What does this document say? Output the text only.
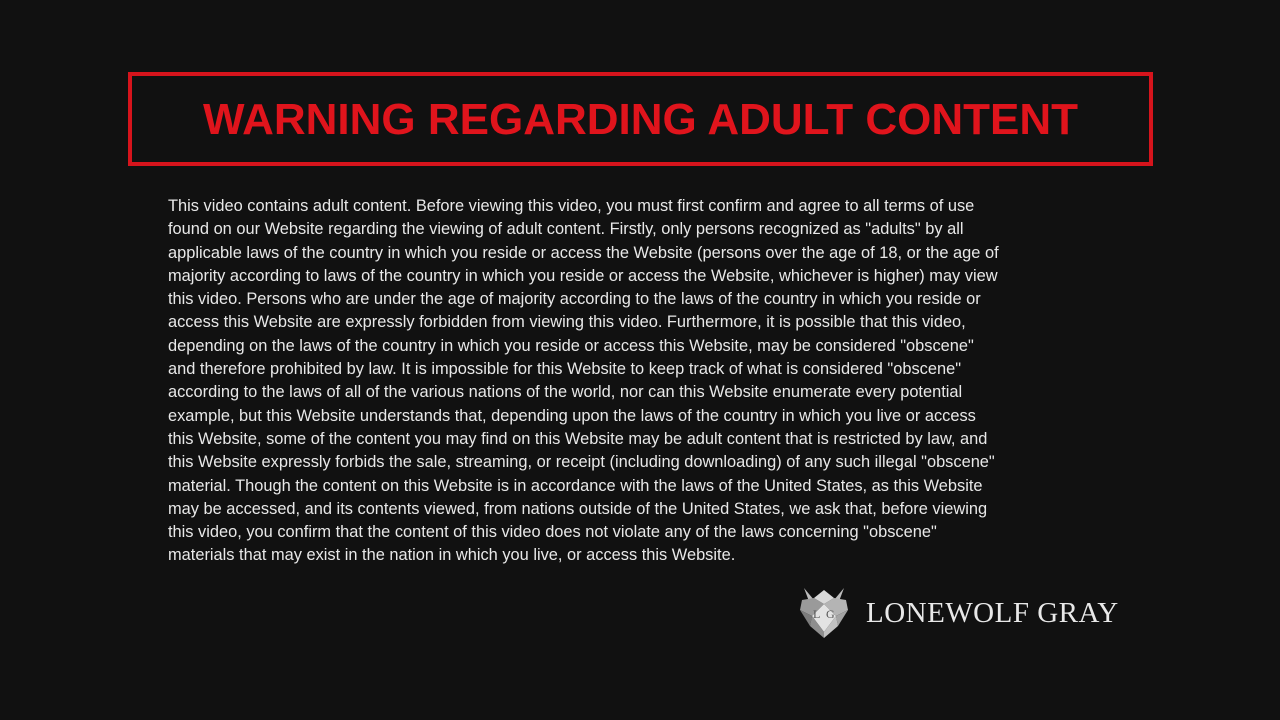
WARNING REGARDING ADULT CONTENT
This video contains adult content. Before viewing this video, you must first confirm and agree to all terms of use
found on our Website regarding the viewing of adult content. Firstly, only persons recognized as "adults" by all
applicable laws of the country in which you reside or access the Website (persons over the age of 18, or the age of
majority according to laws of the country in which you reside or access the Website, whichever is higher) may view
this video. Persons who are under the age of majority according to the laws of the country in which you reside or
access this Website are expressly forbidden from viewing this video. Furthermore, it is possible that this video,
depending on the laws of the country in which you reside or access this Website, may be considered "obscene"
and therefore prohibited by law. It is impossible for this Website to keep track of what is considered "obscene"
according to the laws of all of the various nations of the world, nor can this Website enumerate every potential
example, but this Website understands that, depending upon the laws of the country in which you live or access
this Website, some of the content you may find on this Website may be adult content that is restricted by law, and
this Website expressly forbids the sale, streaming, or receipt (including downloading) of any such illegal "obscene"
material. Though the content on this Website is in accordance with the laws of the United States, as this Website
may be accessed, and its contents viewed, from nations outside of the United States, we ask that, before viewing
this video, you confirm that the content of this video does not violate any of the laws concerning "obscene"
materials that may exist in the nation in which you live, or access this Website.
L G LONEWOLF GRAY
